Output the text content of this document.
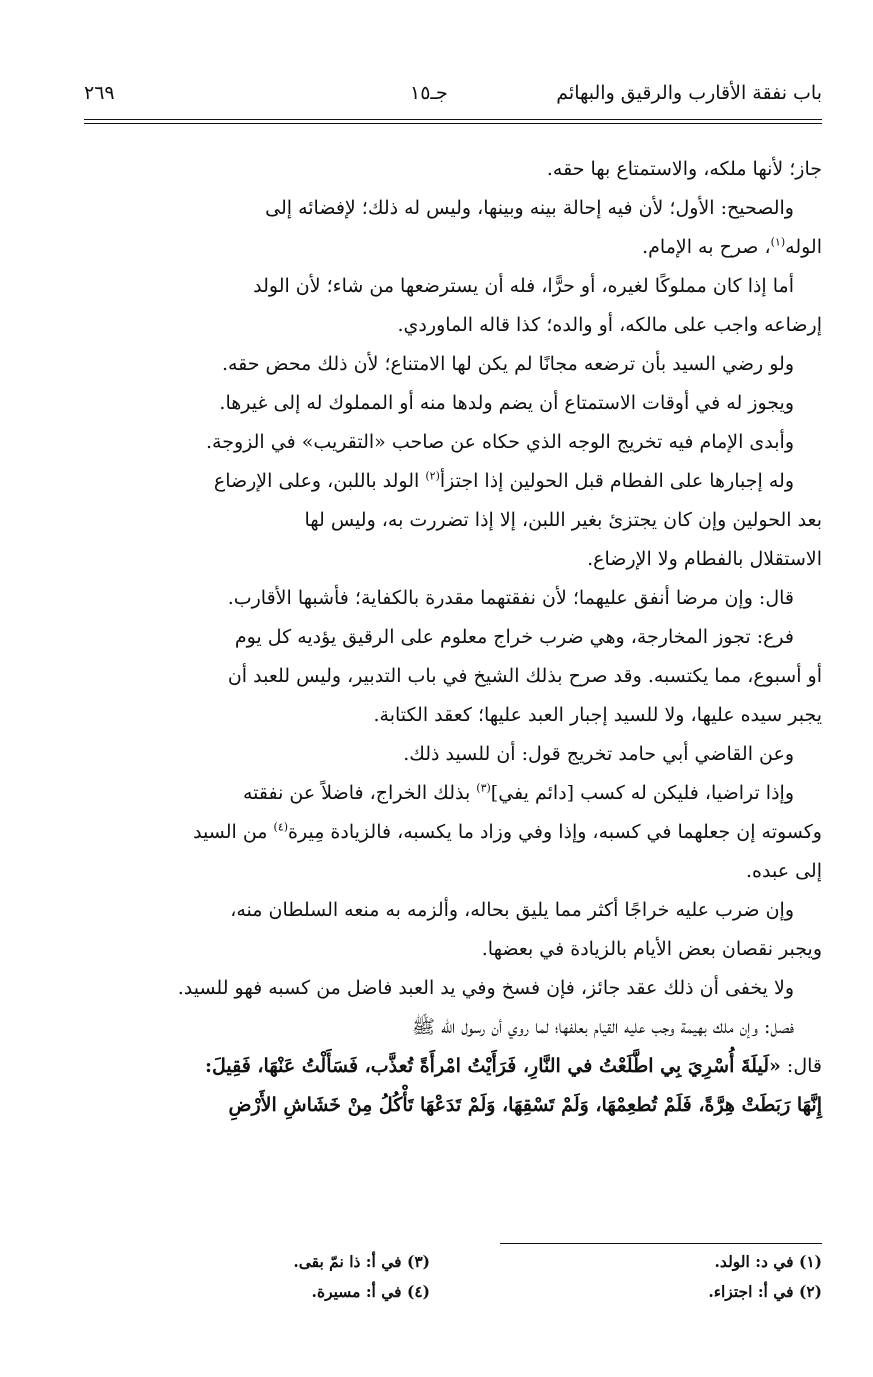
باب نفقة الأقارب والرقيق والبهائم
جـ١٥
٢٦٩

جاز؛ لأنها ملكه، والاستمتاع بها حقه.

والصحيح: الأول؛ لأن فيه إحالة بينه وبينها، وليس له ذلك؛ لإفضائه إلى

الوله$^{(١)}$، صرح به الإمام.

أما إذا كان مملوكًا لغيره، أو حرًّا، فله أن يسترضعها من شاء؛ لأن الولد

إرضاعه واجب على مالكه، أو والده؛ كذا قاله الماوردي.

ولو رضي السيد بأن ترضعه مجانًا لم يكن لها الامتناع؛ لأن ذلك محض حقه.

ويجوز له في أوقات الاستمتاع أن يضم ولدها منه أو المملوك له إلى غيرها.

وأبدى الإمام فيه تخريج الوجه الذي حكاه عن صاحب «التقريب» في الزوجة.

وله إجبارها على الفطام قبل الحولين إذا اجتزأ$^{(٢)}$ الولد باللبن، وعلى الإرضاع

بعد الحولين وإن كان يجتزئ بغير اللبن، إلا إذا تضررت به، وليس لها

الاستقلال بالفطام ولا الإرضاع.

قال: وإن مرضا أنفق عليهما؛ لأن نفقتهما مقدرة بالكفاية؛ فأشبها الأقارب.

فرع: تجوز المخارجة، وهي ضرب خراج معلوم على الرقيق يؤديه كل يوم

أو أسبوع، مما يكتسبه. وقد صرح بذلك الشيخ في باب التدبير، وليس للعبد أن

يجبر سيده عليها، ولا للسيد إجبار العبد عليها؛ كعقد الكتابة.

وعن القاضي أبي حامد تخريج قول: أن للسيد ذلك.

وإذا تراضيا، فليكن له كسب [دائم يفي]$^{(٣)}$ بذلك الخراج، فاضلاً عن نفقته

وكسوته إن جعلهما في كسبه، وإذا وفي وزاد ما يكسبه، فالزيادة مِيرة$^{(٤)}$ من السيد

إلى عبده.

وإن ضرب عليه خراجًا أكثر مما يليق بحاله، وألزمه به منعه السلطان منه،

ويجبر نقصان بعض الأيام بالزيادة في بعضها.

ولا يخفى أن ذلك عقد جائز، فإن فسخ وفي يد العبد فاضل من كسبه فهو للسيد.

فصل: وإن ملك بهيمة وجب عليه القيام بعلفها؛ لما روي أن رسول الله ﷺ

قال: «لَيلَةَ أُسْرِيَ بِي اطَّلَعْتُ في النَّارِ، فَرَأَيْتُ امْرأَةً تُعذَّب، فَسَأَلْتُ عَنْهَا، فَقِيلَ:

إِنَّهَا رَبَطَتْ هِرَّةً، فَلَمْ تُطعِمْهَا، وَلَمْ تَسْقِهَا، وَلَمْ تَدَعْهَا تَأْكُلُ مِنْ خَشَاشِ الأَرْضِ

(١) في د: الولد.
(٢) في أ: اجتزاء.
(٣) في أ: ذا نمّ بقى.
(٤) في أ: مسيرة.
